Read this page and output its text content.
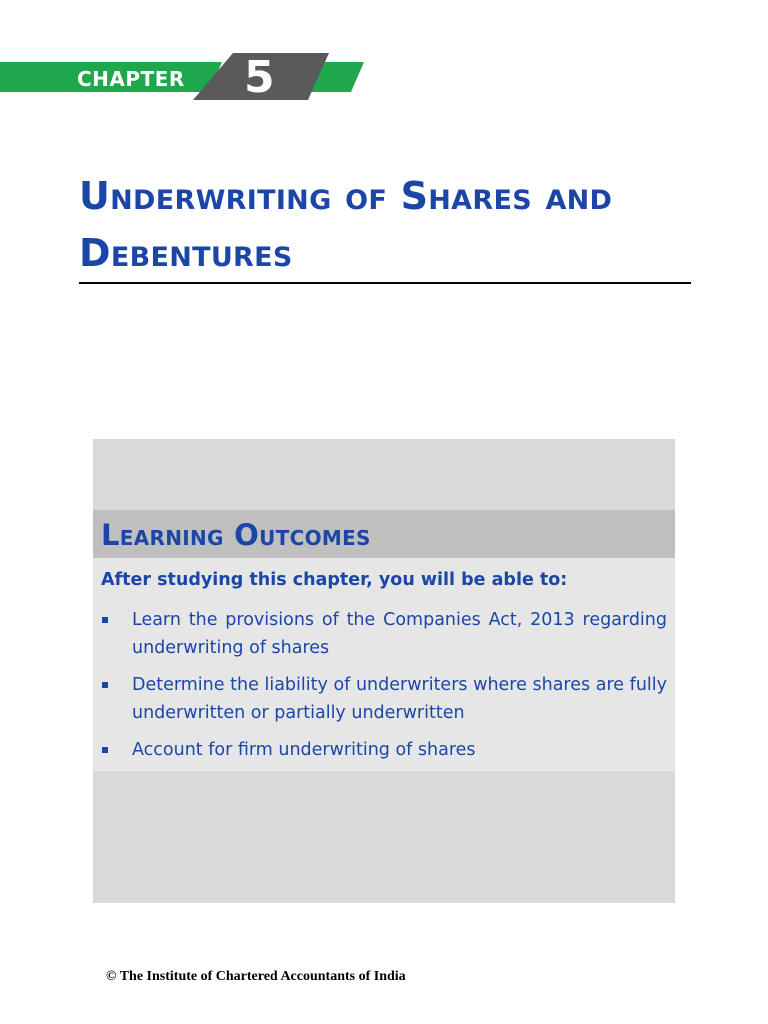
CHAPTER 5
Underwriting of Shares and Debentures
Learning Outcomes
After studying this chapter, you will be able to:
Learn the provisions of the Companies Act, 2013 regarding underwriting of shares
Determine the liability of underwriters where shares are fully underwritten or partially underwritten
Account for firm underwriting of shares
© The Institute of Chartered Accountants of India
